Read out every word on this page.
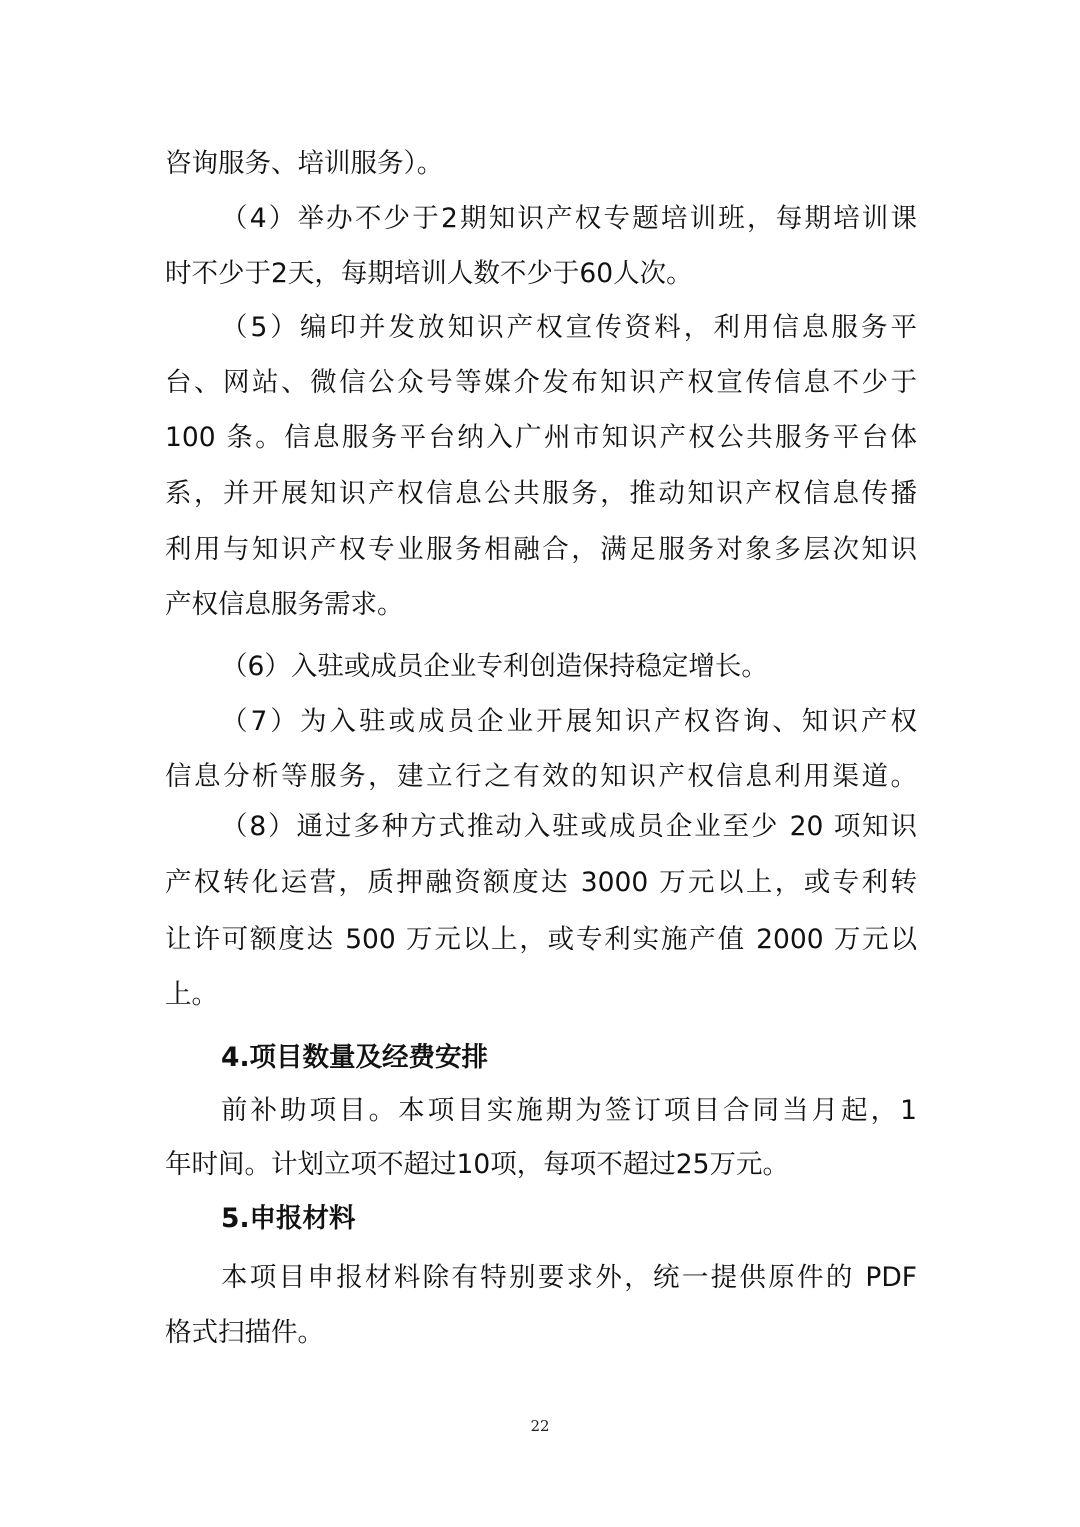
咨询服务、培训服务）。

（4）举办不少于2期知识产权专题培训班，每期培训课

时不少于2天，每期培训人数不少于60人次。

（5）编印并发放知识产权宣传资料，利用信息服务平

台、网站、微信公众号等媒介发布知识产权宣传信息不少于

100 条。信息服务平台纳入广州市知识产权公共服务平台体

系，并开展知识产权信息公共服务，推动知识产权信息传播

利用与知识产权专业服务相融合，满足服务对象多层次知识

产权信息服务需求。

（6）入驻或成员企业专利创造保持稳定增长。

（7）为入驻或成员企业开展知识产权咨询、知识产权

信息分析等服务，建立行之有效的知识产权信息利用渠道。

（8）通过多种方式推动入驻或成员企业至少 20 项知识

产权转化运营，质押融资额度达 3000 万元以上，或专利转

让许可额度达 500 万元以上，或专利实施产值 2000 万元以

上。

4.项目数量及经费安排

前补助项目。本项目实施期为签订项目合同当月起，1

年时间。计划立项不超过10项，每项不超过25万元。

5.申报材料

本项目申报材料除有特别要求外，统一提供原件的 PDF

格式扫描件。

22
